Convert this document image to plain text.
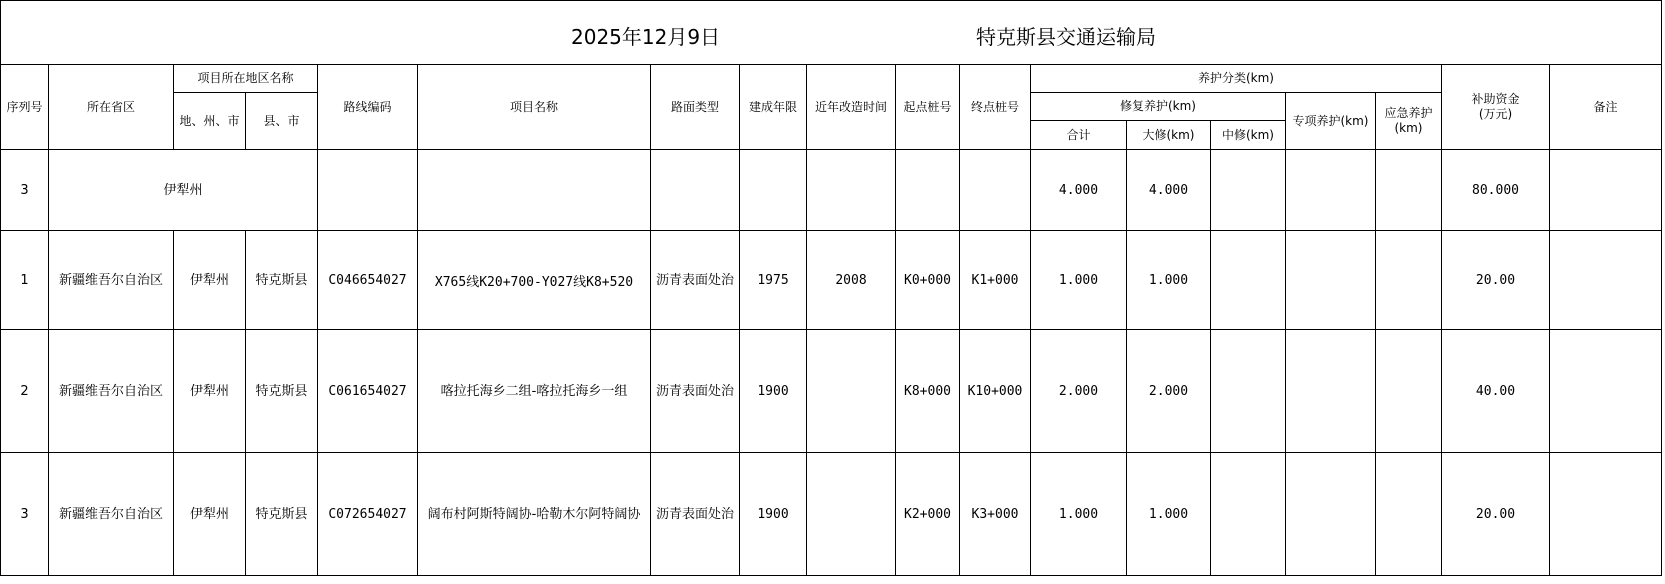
2025年12月9日 特克斯县交通运输局																	

序列号	所在省区	项目所在地区名称		路线编码	项目名称	路面类型	建成年限	近年改造时间	起点桩号	终点桩号	养护分类(km)					补助资金(万元)	备注
		地、州、市	县、市								修复养护(km)			专项养护(km)	应急养护(km)		
											合计	大修(km)	中修(km)				
3	伊犁州										4.000	4.000				80.000	
1	新疆维吾尔自治区	伊犁州	特克斯县	C046654027	X765线K20+700-Y027线K8+520	沥青表面处治	1975	2008	K0+000	K1+000	1.000	1.000				20.00	
2	新疆维吾尔自治区	伊犁州	特克斯县	C061654027	喀拉托海乡二组-喀拉托海乡一组	沥青表面处治	1900		K8+000	K10+000	2.000	2.000				40.00	
3	新疆维吾尔自治区	伊犁州	特克斯县	C072654027	阔布村阿斯特阔协-哈勒木尔阿特阔协	沥青表面处治	1900		K2+000	K3+000	1.000	1.000				20.00	
